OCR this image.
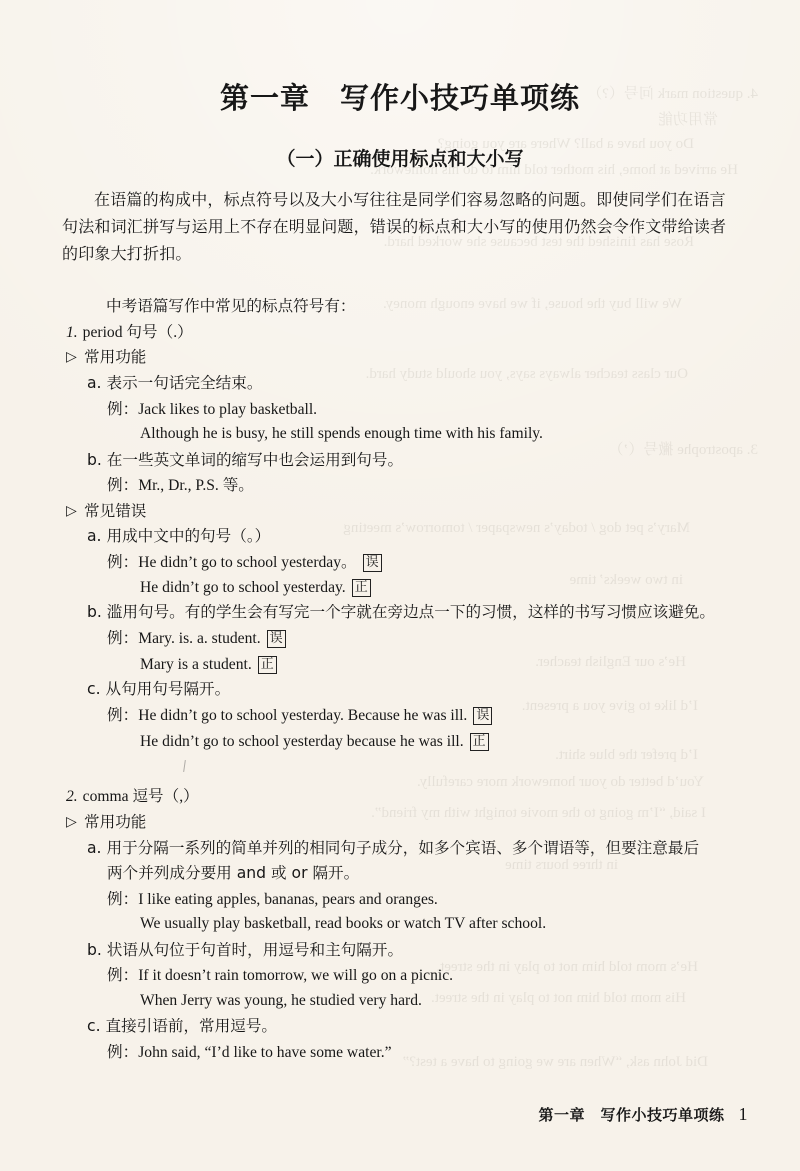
4. question mark 问号（?）
常用功能
Do you have a ball? Where are you going?
He arrived at home, his mother told him to do his homework.
Rose has finished the test because she worked hard.
We will buy the house, if we have enough money.
Our class teacher always says, you should study hard.
3. apostrophe 撇号（’）
Mary’s pet dog / today’s newspaper / tomorrow’s meeting
in two weeks’ time
He’s our English teacher.
I’d like to give you a present.
I’d prefer the blue shirt.
You’d better do your homework more carefully.
I said, “I’m going to the movie tonight with my friend”.
in three hours time
He’s mom told him not to play in the street.
His mom told him not to play in the street.
Did John ask, “When are we going to have a test?”
第一章　写作小技巧单项练
（一）正确使用标点和大小写
在语篇的构成中，标点符号以及大小写往往是同学们容易忽略的问题。即使同学们在语言句法和词汇拼写与运用上不存在明显问题，错误的标点和大小写的使用仍然会令作文带给读者的印象大打折扣。
中考语篇写作中常见的标点符号有：
1. period 句号（.）
▷ 常用功能
a. 表示一句话完全结束。
例：Jack likes to play basketball.
Although he is busy, he still spends enough time with his family.
b. 在一些英文单词的缩写中也会运用到句号。
例：Mr., Dr., P.S. 等。
▷ 常见错误
a. 用成中文中的句号（。）
例：He didn’t go to school yesterday。 误
He didn’t go to school yesterday. 正
b. 滥用句号。有的学生会有写完一个字就在旁边点一下的习惯，这样的书写习惯应该避免。
例：Mary. is. a. student. 误
Mary is a student. 正
c. 从句用句号隔开。
例：He didn’t go to school yesterday. Because he was ill. 误
He didn’t go to school yesterday because he was ill. 正
2. comma 逗号（,）
▷ 常用功能
a. 用于分隔一系列的简单并列的相同句子成分，如多个宾语、多个谓语等，但要注意最后
两个并列成分要用 and 或 or 隔开。
例：I like eating apples, bananas, pears and oranges.
We usually play basketball, read books or watch TV after school.
b. 状语从句位于句首时，用逗号和主句隔开。
例：If it doesn’t rain tomorrow, we will go on a picnic.
When Jerry was young, he studied very hard.
c. 直接引语前，常用逗号。
例：John said, “I’d like to have some water.”
第一章　写作小技巧单项练 1
